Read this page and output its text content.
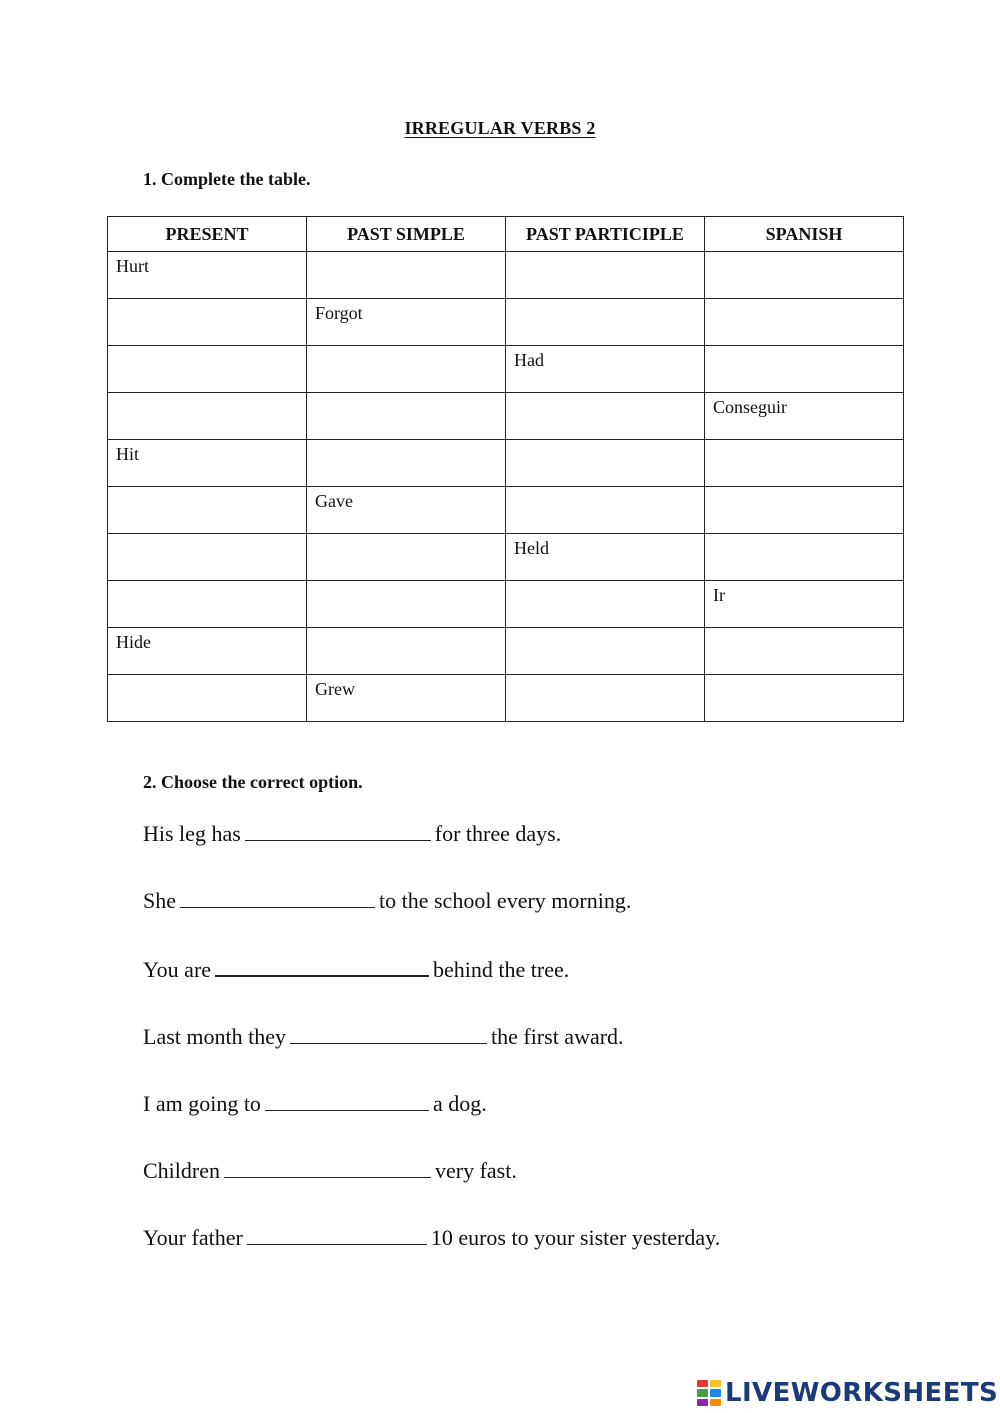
IRREGULAR VERBS 2
1. Complete the table.
PRESENT	PAST SIMPLE	PAST PARTICIPLE	SPANISH

Hurt			

	Forgot		

		Had	

			Conseguir

Hit			

	Gave		

		Held	

			Ir

Hide			

	Grew		

2. Choose the correct option.
His leg has	for three days.
She	to the school every morning.
You are	behind the tree.
Last month they	the first award.
I am going to	a dog.
Children	very fast.
Your father	10 euros to your sister yesterday.
LIVEWORKSHEETS
